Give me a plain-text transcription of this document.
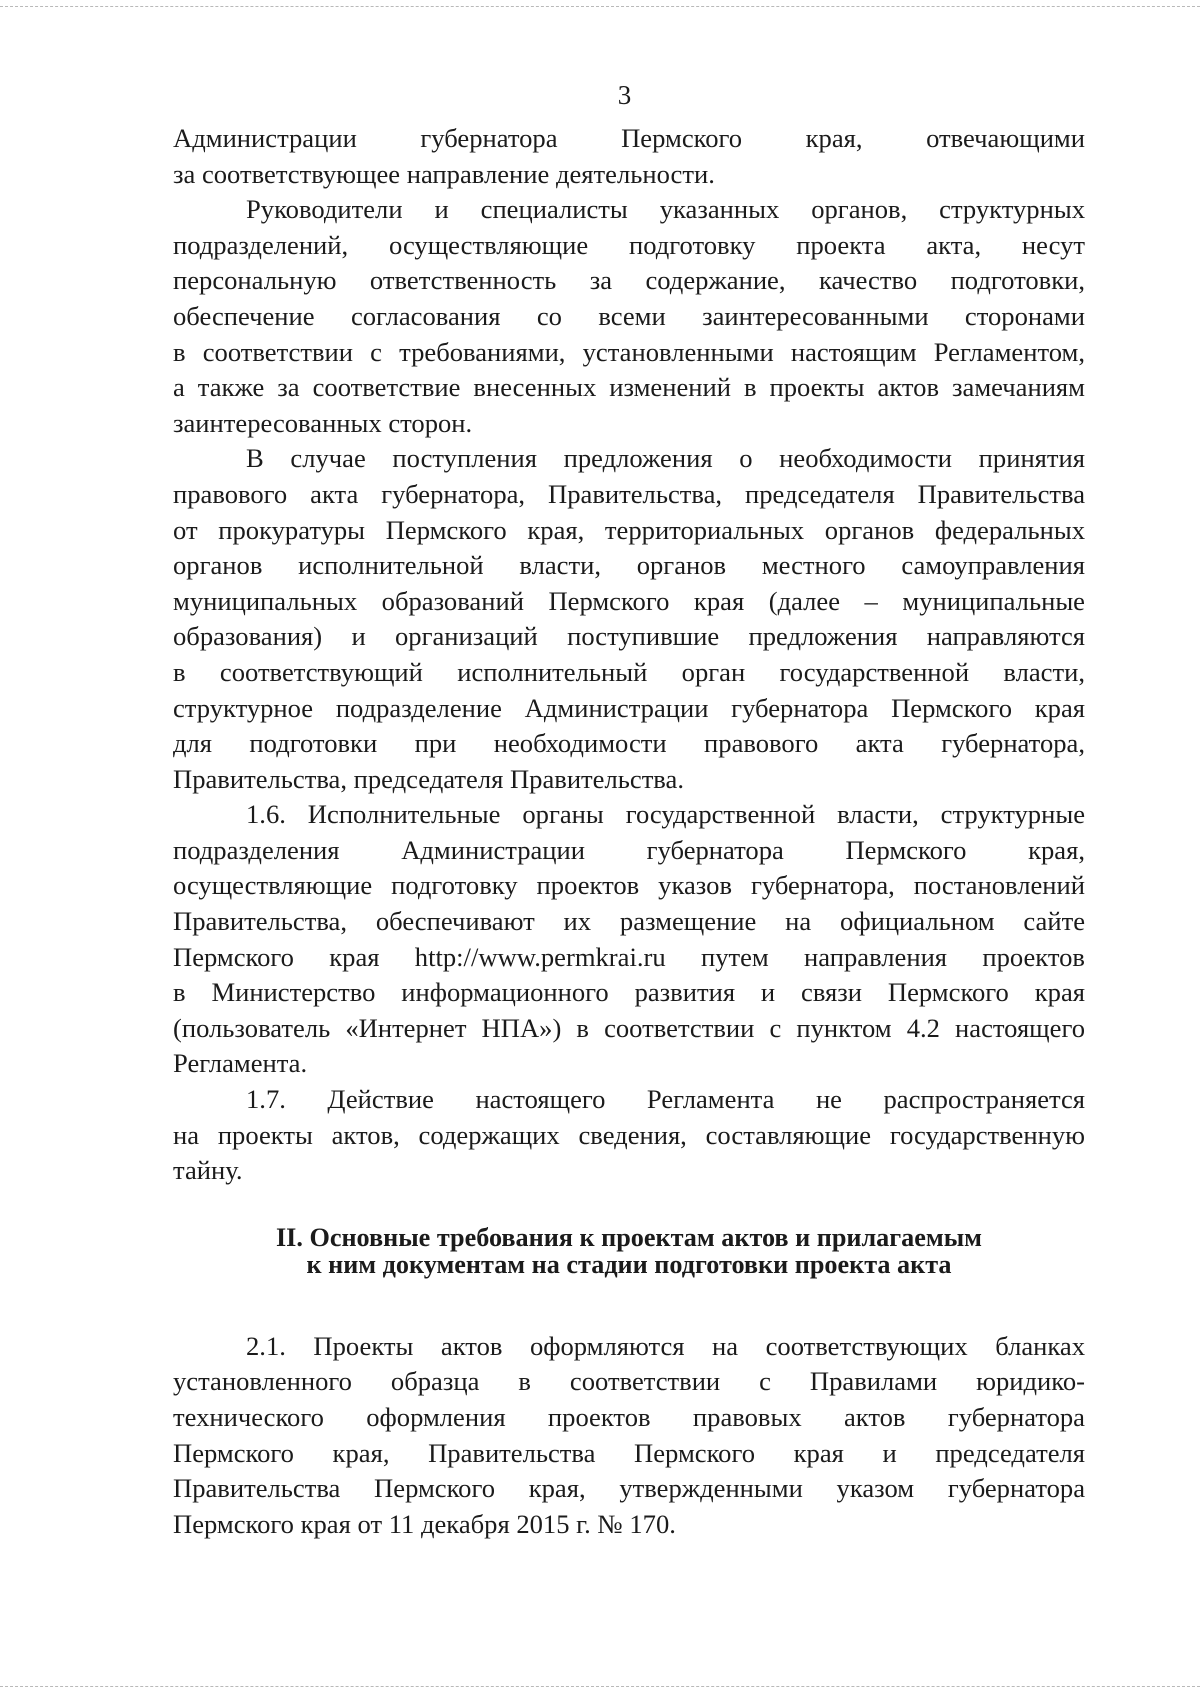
3
Администрации губернатора Пермского края, отвечающими
за соответствующее направление деятельности.
Руководители и специалисты указанных органов, структурных
подразделений, осуществляющие подготовку проекта акта, несут
персональную ответственность за содержание, качество подготовки,
обеспечение согласования со всеми заинтересованными сторонами
в соответствии с требованиями, установленными настоящим Регламентом,
а также за соответствие внесенных изменений в проекты актов замечаниям
заинтересованных сторон.
В случае поступления предложения о необходимости принятия
правового акта губернатора, Правительства, председателя Правительства
от прокуратуры Пермского края, территориальных органов федеральных
органов исполнительной власти, органов местного самоуправления
муниципальных образований Пермского края (далее – муниципальные
образования) и организаций поступившие предложения направляются
в соответствующий исполнительный орган государственной власти,
структурное подразделение Администрации губернатора Пермского края
для подготовки при необходимости правового акта губернатора,
Правительства, председателя Правительства.
1.6. Исполнительные органы государственной власти, структурные
подразделения Администрации губернатора Пермского края,
осуществляющие подготовку проектов указов губернатора, постановлений
Правительства, обеспечивают их размещение на официальном сайте
Пермского края http://www.permkrai.ru путем направления проектов
в Министерство информационного развития и связи Пермского края
(пользователь «Интернет НПА») в соответствии с пунктом 4.2 настоящего
Регламента.
1.7. Действие настоящего Регламента не распространяется
на проекты актов, содержащих сведения, составляющие государственную
тайну.
II. Основные требования к проектам актов и прилагаемым
к ним документам на стадии подготовки проекта акта
2.1. Проекты актов оформляются на соответствующих бланках
установленного образца в соответствии с Правилами юридико-
технического оформления проектов правовых актов губернатора
Пермского края, Правительства Пермского края и председателя
Правительства Пермского края, утвержденными указом губернатора
Пермского края от 11 декабря 2015 г. № 170.
